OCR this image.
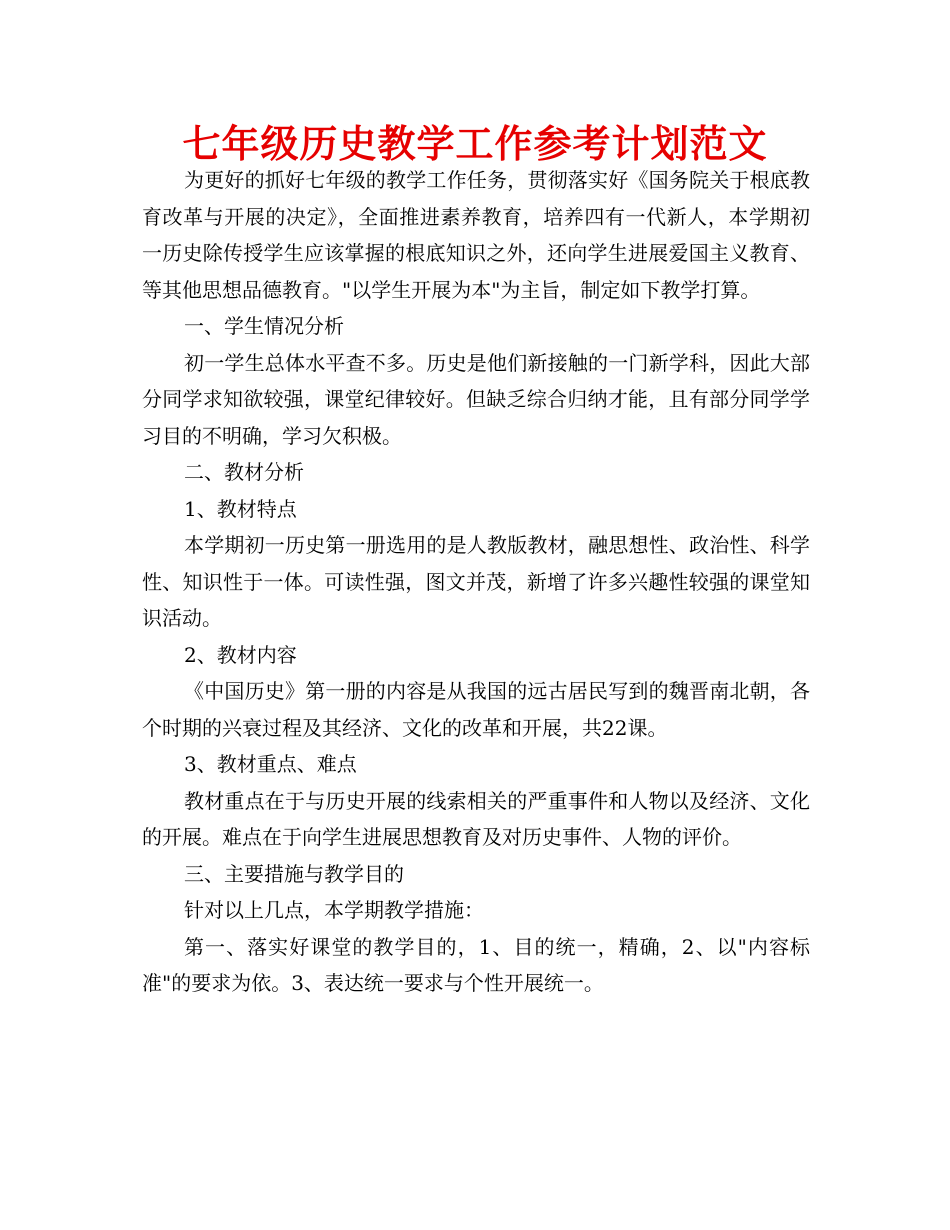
七年级历史教学工作参考计划范文

为更好的抓好七年级的教学工作任务，贯彻落实好《国务院关于根底教育改革与开展的决定》，全面推进素养教育，培养四有一代新人，本学期初一历史除传授学生应该掌握的根底知识之外，还向学生进展爱国主义教育、等其他思想品德教育。"以学生开展为本"为主旨，制定如下教学打算。

一、学生情况分析

初一学生总体水平查不多。历史是他们新接触的一门新学科，因此大部分同学求知欲较强，课堂纪律较好。但缺乏综合归纳才能，且有部分同学学习目的不明确，学习欠积极。

二、教材分析

1、教材特点

本学期初一历史第一册选用的是人教版教材，融思想性、政治性、科学性、知识性于一体。可读性强，图文并茂，新增了许多兴趣性较强的课堂知识活动。

2、教材内容

《中国历史》第一册的内容是从我国的远古居民写到的魏晋南北朝，各个时期的兴衰过程及其经济、文化的改革和开展，共22课。

3、教材重点、难点

教材重点在于与历史开展的线索相关的严重事件和人物以及经济、文化的开展。难点在于向学生进展思想教育及对历史事件、人物的评价。

三、主要措施与教学目的

针对以上几点，本学期教学措施：

第一、落实好课堂的教学目的，1、目的统一，精确，2、以"内容标准"的要求为依。3、表达统一要求与个性开展统一。
